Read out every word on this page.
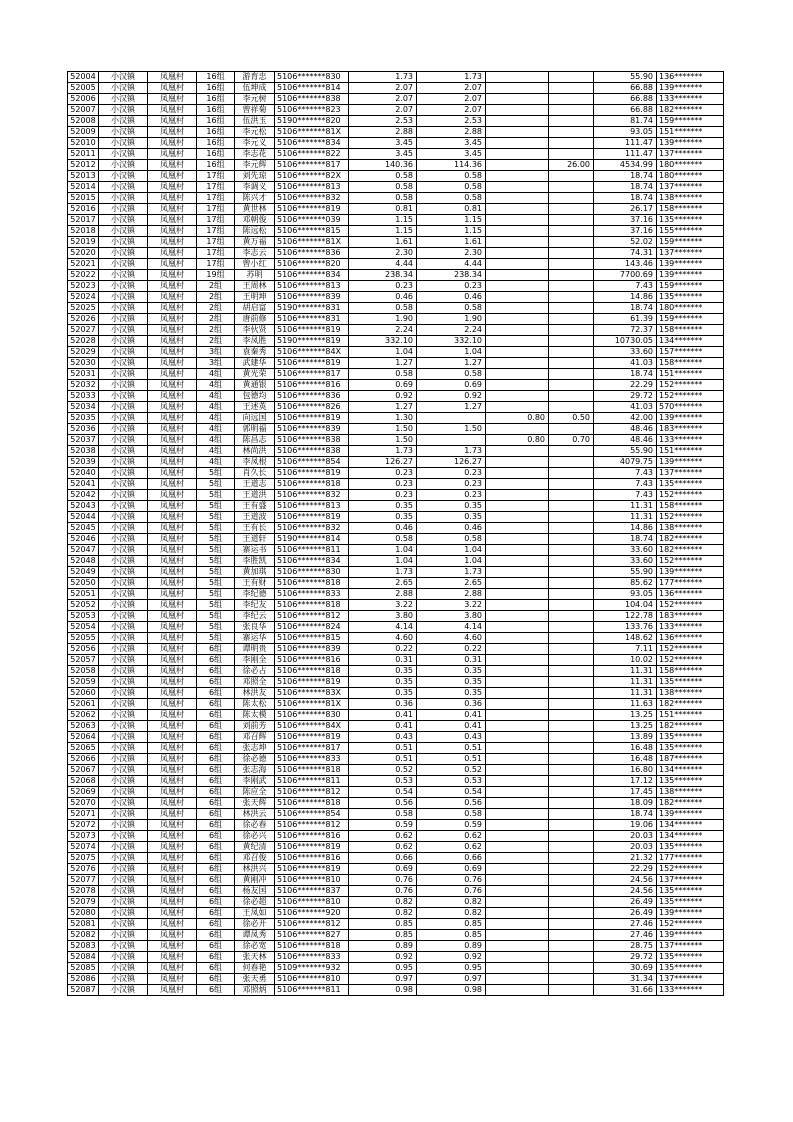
52004	小汉镇	凤凰村	16组	游育忠	5106*******830	1.73	1.73			55.90	136*******
52005	小汉镇	凤凰村	16组	伍坤成	5106*******814	2.07	2.07			66.88	139*******
52006	小汉镇	凤凰村	16组	李元树	5106*******838	2.07	2.07			66.88	133*******
52007	小汉镇	凤凰村	16组	曾祥菊	5106*******823	2.07	2.07			66.88	182*******
52008	小汉镇	凤凰村	16组	伍洪玉	5190*******820	2.53	2.53			81.74	159*******
52009	小汉镇	凤凰村	16组	李元松	5106*******81X	2.88	2.88			93.05	151*******
52010	小汉镇	凤凰村	16组	李元义	5106*******834	3.45	3.45			111.47	139*******
52011	小汉镇	凤凰村	16组	李志花	5106*******822	3.45	3.45			111.47	137*******
52012	小汉镇	凤凰村	16组	李元辉	5106*******817	140.36	114.36		26.00	4534.99	180*******
52013	小汉镇	凤凰村	17组	刘先琼	5106*******82X	0.58	0.58			18.74	180*******
52014	小汉镇	凤凰村	17组	李调义	5106*******813	0.58	0.58			18.74	137*******
52015	小汉镇	凤凰村	17组	陈兴才	5106*******832	0.58	0.58			18.74	138*******
52016	小汉镇	凤凰村	17组	黄世林	5106*******819	0.81	0.81			26.17	158*******
52017	小汉镇	凤凰村	17组	邓朝俊	5106*******039	1.15	1.15			37.16	135*******
52018	小汉镇	凤凰村	17组	陈远松	5106*******815	1.15	1.15			37.16	155*******
52019	小汉镇	凤凰村	17组	黄万福	5106*******81X	1.61	1.61			52.02	159*******
52020	小汉镇	凤凰村	17组	李志云	5106*******836	2.30	2.30			74.31	137*******
52021	小汉镇	凤凰村	17组	曾小红	5106*******820	4.44	4.44			143.46	139*******
52022	小汉镇	凤凰村	19组	苏明	5106*******834	238.34	238.34			7700.69	139*******
52023	小汉镇	凤凰村	2组	王周林	5106*******813	0.23	0.23			7.43	159*******
52024	小汉镇	凤凰村	2组	王明坤	5106*******839	0.46	0.46			14.86	135*******
52025	小汉镇	凤凰村	2组	胡启富	5190*******831	0.58	0.58			18.74	180*******
52026	小汉镇	凤凰村	2组	唐前修	5106*******831	1.90	1.90			61.39	159*******
52027	小汉镇	凤凰村	2组	李伙贤	5106*******819	2.24	2.24			72.37	158*******
52028	小汉镇	凤凰村	2组	李凤胜	5190*******819	332.10	332.10			10730.05	134*******
52029	小汉镇	凤凰村	3组	袁秦秀	5106*******84X	1.04	1.04			33.60	157*******
52030	小汉镇	凤凰村	3组	武建华	5106*******819	1.27	1.27			41.03	158*******
52031	小汉镇	凤凰村	4组	黄光荣	5106*******817	0.58	0.58			18.74	151*******
52032	小汉镇	凤凰村	4组	黄通银	5106*******816	0.69	0.69			22.29	152*******
52033	小汉镇	凤凰村	4组	包德均	5106*******836	0.92	0.92			29.72	152*******
52034	小汉镇	凤凰村	4组	王述英	5106*******826	1.27	1.27			41.03	570*******
52035	小汉镇	凤凰村	4组	向远国	5106*******819	1.30		0.80	0.50	42.00	139*******
52036	小汉镇	凤凰村	4组	郭明福	5106*******839	1.50	1.50			48.46	183*******
52037	小汉镇	凤凰村	4组	陈昌志	5106*******838	1.50		0.80	0.70	48.46	133*******
52038	小汉镇	凤凰村	4组	林尚洪	5106*******838	1.73	1.73			55.90	151*******
52039	小汉镇	凤凰村	4组	李凤根	5106*******854	126.27	126.27			4079.75	139*******
52040	小汉镇	凤凰村	5组	肖久长	5106*******819	0.23	0.23			7.43	137*******
52041	小汉镇	凤凰村	5组	王道志	5106*******818	0.23	0.23			7.43	135*******
52042	小汉镇	凤凰村	5组	王道洪	5106*******832	0.23	0.23			7.43	152*******
52043	小汉镇	凤凰村	5组	王有盛	5106*******813	0.35	0.35			11.31	158*******
52044	小汉镇	凤凰村	5组	王道波	5106*******819	0.35	0.35			11.31	152*******
52045	小汉镇	凤凰村	5组	王有长	5106*******832	0.46	0.46			14.86	138*******
52046	小汉镇	凤凰村	5组	王道轩	5190*******814	0.58	0.58			18.74	182*******
52047	小汉镇	凤凰村	5组	寨运书	5106*******811	1.04	1.04			33.60	182*******
52048	小汉镇	凤凰村	5组	李胜凯	5106*******834	1.04	1.04			33.60	152*******
52049	小汉镇	凤凰村	5组	黄加琪	5106*******830	1.73	1.73			55.90	139*******
52050	小汉镇	凤凰村	5组	王有财	5106*******818	2.65	2.65			85.62	177*******
52051	小汉镇	凤凰村	5组	李纪德	5106*******833	2.88	2.88			93.05	136*******
52052	小汉镇	凤凰村	5组	李纪友	5106*******818	3.22	3.22			104.04	152*******
52053	小汉镇	凤凰村	5组	李纪云	5106*******812	3.80	3.80			122.78	183*******
52054	小汉镇	凤凰村	5组	张良华	5106*******824	4.14	4.14			133.76	133*******
52055	小汉镇	凤凰村	5组	寨运华	5106*******815	4.60	4.60			148.62	136*******
52056	小汉镇	凤凰村	6组	谭明贵	5106*******839	0.22	0.22			7.11	152*******
52057	小汉镇	凤凰村	6组	李刚全	5106*******816	0.31	0.31			10.02	152*******
52058	小汉镇	凤凰村	6组	徐必占	5106*******818	0.35	0.35			11.31	158*******
52059	小汉镇	凤凰村	6组	邓照全	5106*******819	0.35	0.35			11.31	135*******
52060	小汉镇	凤凰村	6组	林洪友	5106*******83X	0.35	0.35			11.31	138*******
52061	小汉镇	凤凰村	6组	陈太松	5106*******81X	0.36	0.36			11.63	182*******
52062	小汉镇	凤凰村	6组	陈太模	5106*******830	0.41	0.41			13.25	151*******
52063	小汉镇	凤凰村	6组	刘前芳	5106*******84X	0.41	0.41			13.25	182*******
52064	小汉镇	凤凰村	6组	邓召辉	5106*******819	0.43	0.43			13.89	135*******
52065	小汉镇	凤凰村	6组	张志坤	5106*******817	0.51	0.51			16.48	135*******
52066	小汉镇	凤凰村	6组	徐必德	5106*******833	0.51	0.51			16.48	187*******
52067	小汉镇	凤凰村	6组	张志海	5106*******818	0.52	0.52			16.80	134*******
52068	小汉镇	凤凰村	6组	李刚武	5106*******811	0.53	0.53			17.12	135*******
52069	小汉镇	凤凰村	6组	陈应全	5106*******812	0.54	0.54			17.45	138*******
52070	小汉镇	凤凰村	6组	张天辉	5106*******818	0.56	0.56			18.09	182*******
52071	小汉镇	凤凰村	6组	林洪云	5106*******854	0.58	0.58			18.74	139*******
52072	小汉镇	凤凰村	6组	徐必春	5106*******812	0.59	0.59			19.06	134*******
52073	小汉镇	凤凰村	6组	徐必兴	5106*******816	0.62	0.62			20.03	134*******
52074	小汉镇	凤凰村	6组	黄纪清	5106*******819	0.62	0.62			20.03	135*******
52075	小汉镇	凤凰村	6组	邓召俊	5106*******816	0.66	0.66			21.32	177*******
52076	小汉镇	凤凰村	6组	林洪兴	5106*******819	0.69	0.69			22.29	152*******
52077	小汉镇	凤凰村	6组	黄刚冲	5106*******810	0.76	0.76			24.56	137*******
52078	小汉镇	凤凰村	6组	杨友国	5106*******837	0.76	0.76			24.56	135*******
52079	小汉镇	凤凰村	6组	徐必超	5106*******810	0.82	0.82			26.49	135*******
52080	小汉镇	凤凰村	6组	王凤如	5106*******920	0.82	0.82			26.49	139*******
52081	小汉镇	凤凰村	6组	徐必开	5106*******812	0.85	0.85			27.46	152*******
52082	小汉镇	凤凰村	6组	谭凤秀	5106*******827	0.85	0.85			27.46	139*******
52083	小汉镇	凤凰村	6组	徐必宽	5106*******818	0.89	0.89			28.75	137*******
52084	小汉镇	凤凰村	6组	张天林	5106*******833	0.92	0.92			29.72	135*******
52085	小汉镇	凤凰村	6组	何春艳	5109*******932	0.95	0.95			30.69	135*******
52086	小汉镇	凤凰村	6组	张天勇	5106*******810	0.97	0.97			31.34	137*******
52087	小汉镇	凤凰村	6组	邓照炳	5106*******811	0.98	0.98			31.66	133*******
